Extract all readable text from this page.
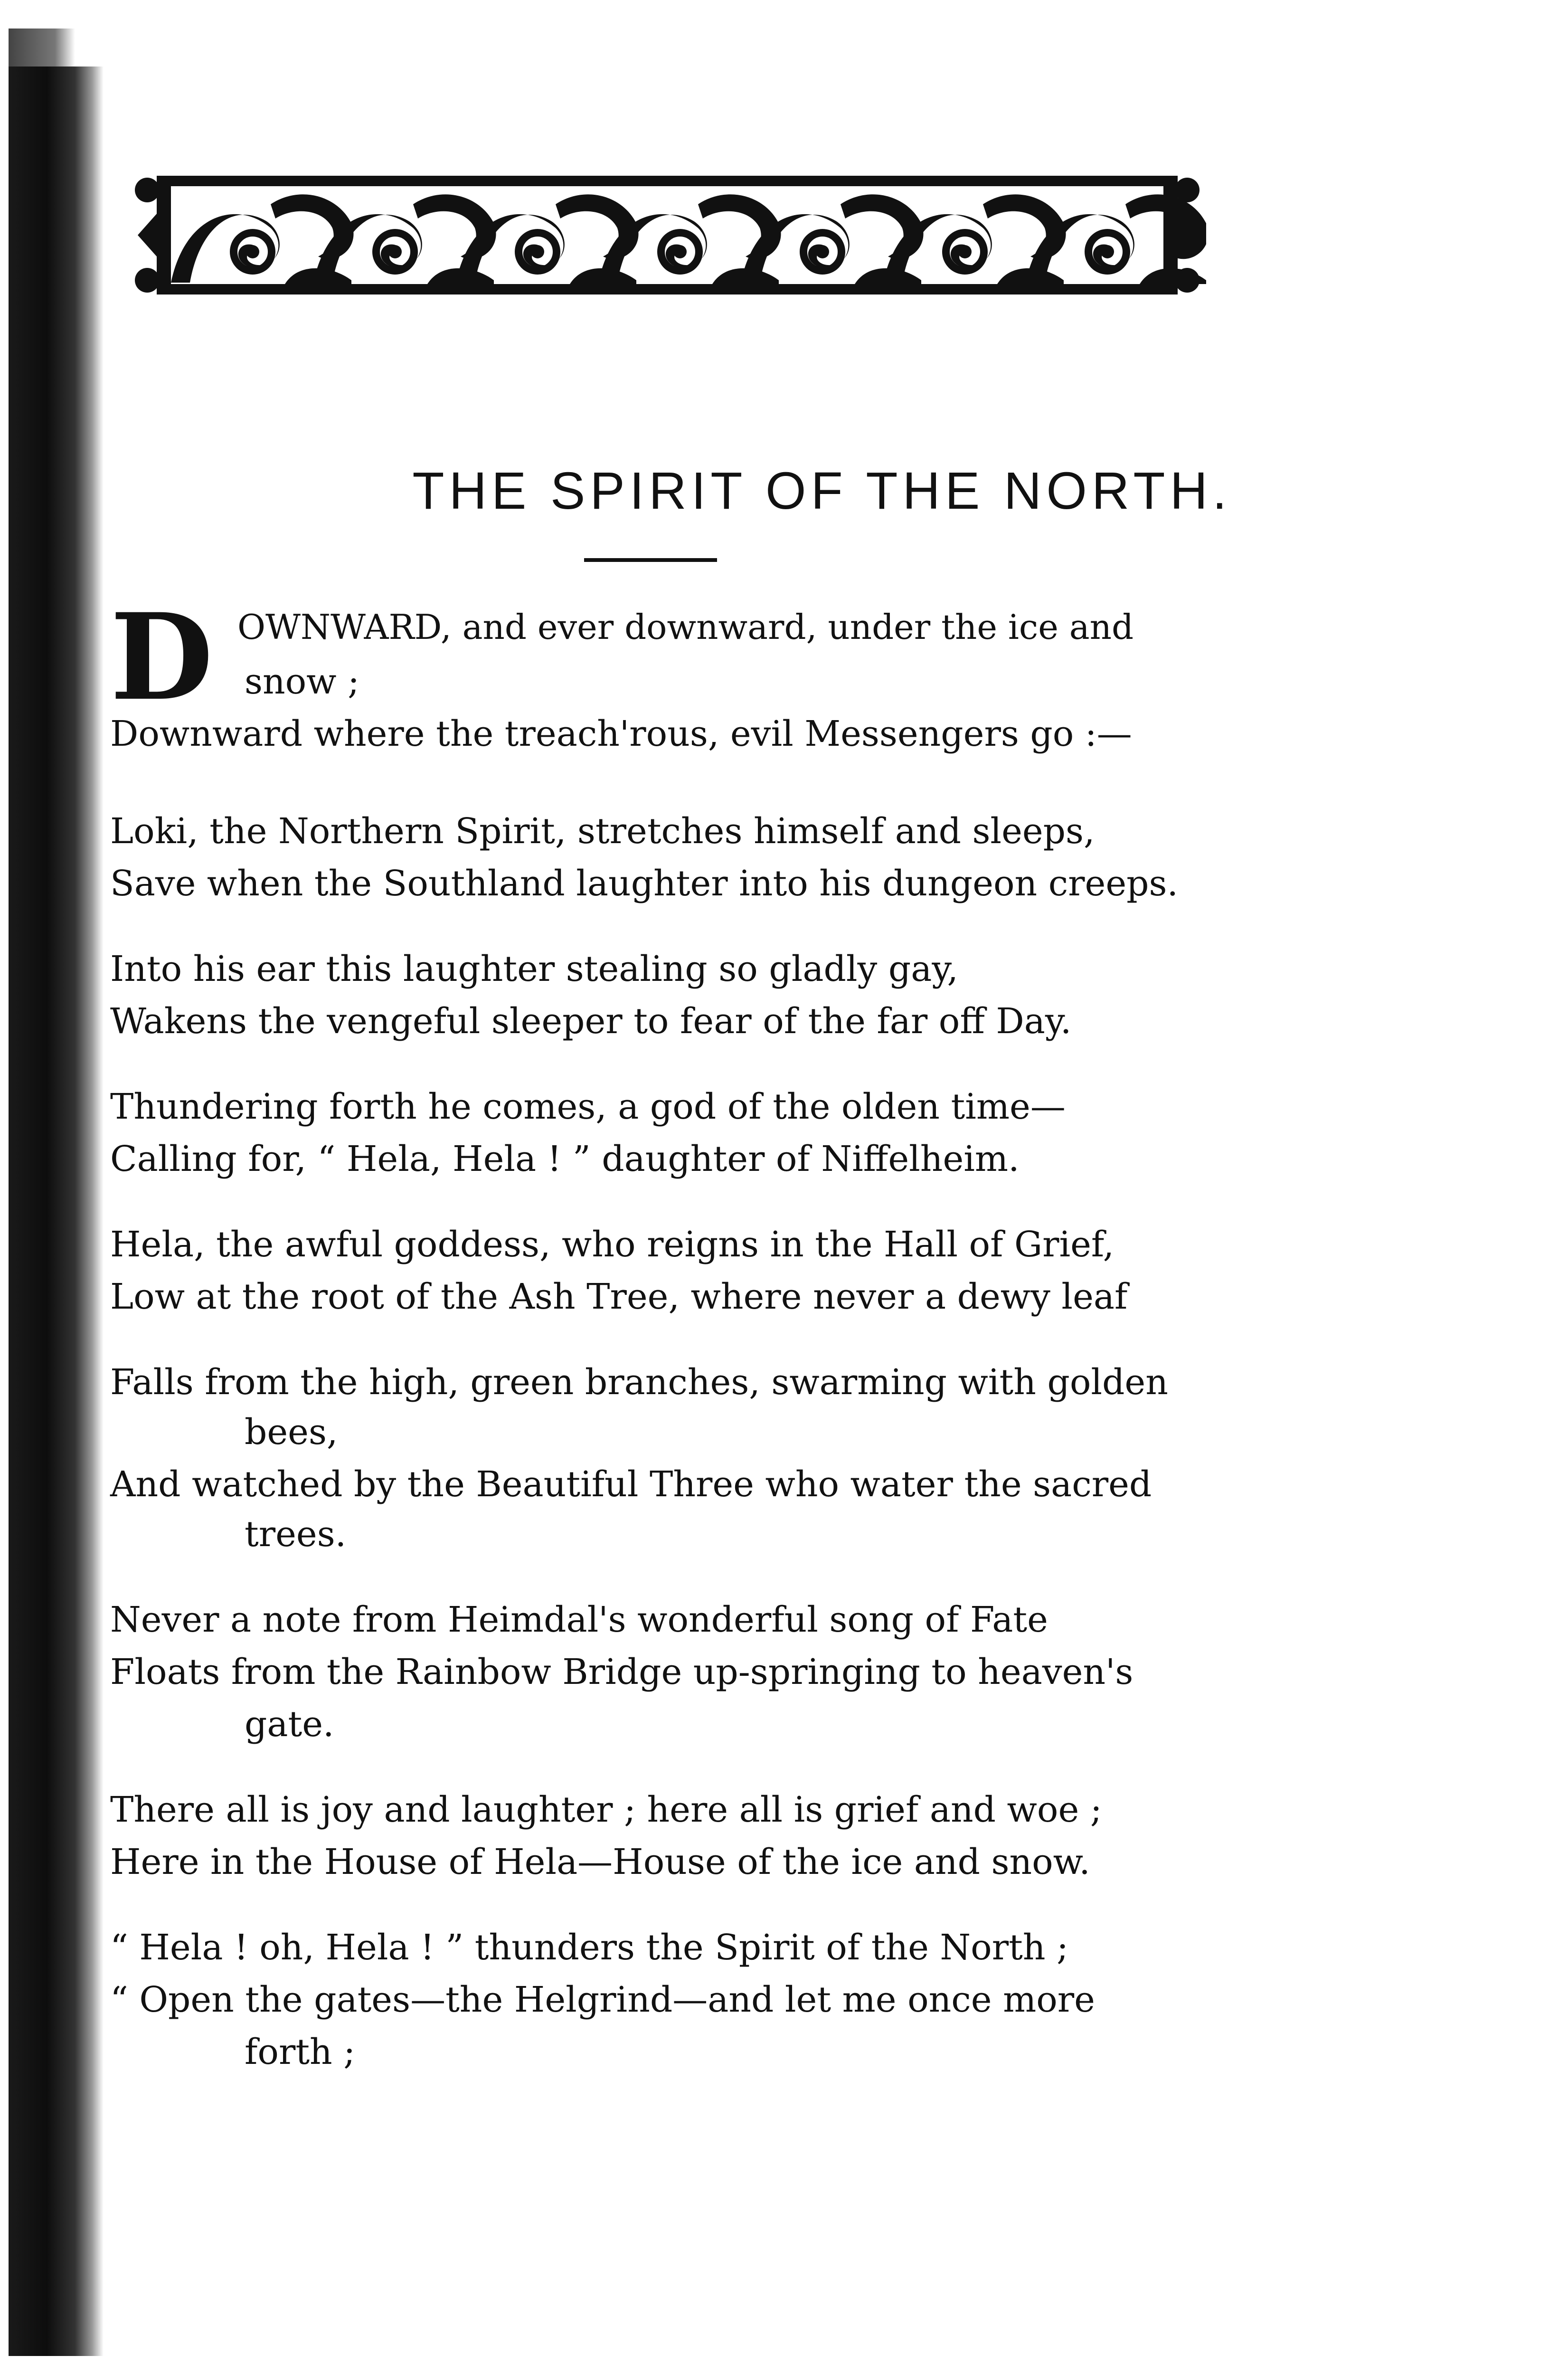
THE SPIRIT OF THE NORTH.
D OWNWARD, and ever downward, under the ice and
snow ;
Downward where the treach'rous, evil Messengers go :—
Loki, the Northern Spirit, stretches himself and sleeps,
Save when the Southland laughter into his dungeon creeps.
Into his ear this laughter stealing so gladly gay,
Wakens the vengeful sleeper to fear of the far off Day.
Thundering forth he comes, a god of the olden time—
Calling for, “ Hela, Hela ! ” daughter of Niffelheim.
Hela, the awful goddess, who reigns in the Hall of Grief,
Low at the root of the Ash Tree, where never a dewy leaf
Falls from the high, green branches, swarming with golden
bees,
And watched by the Beautiful Three who water the sacred
trees.
Never a note from Heimdal's wonderful song of Fate
Floats from the Rainbow Bridge up-springing to heaven's
gate.
There all is joy and laughter ; here all is grief and woe ;
Here in the House of Hela—House of the ice and snow.
“ Hela ! oh, Hela ! ” thunders the Spirit of the North ;
“ Open the gates—the Helgrind—and let me once more
forth ;
